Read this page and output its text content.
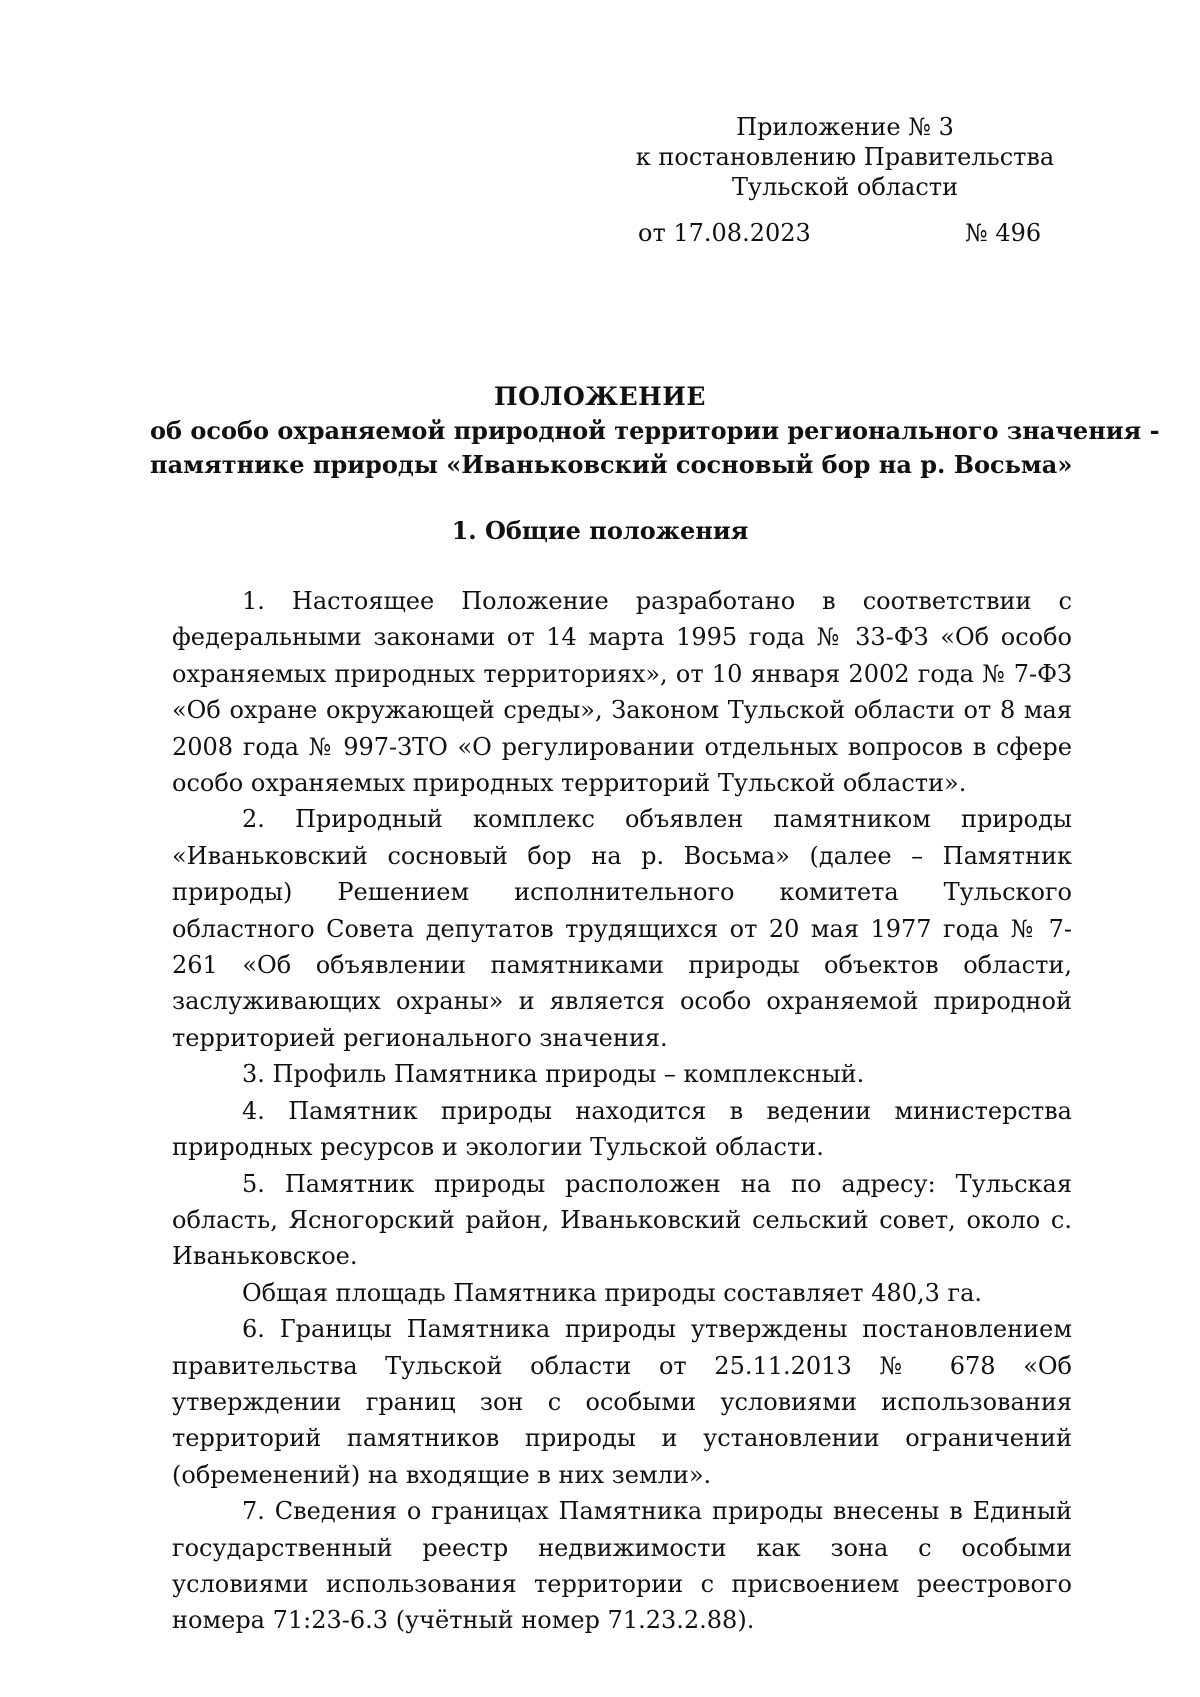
Приложение № 3
к постановлению Правительства
Тульской области
от 17.08.2023	№ 496
ПОЛОЖЕНИЕ
об особо охраняемой природной территории регионального значения -
памятнике природы «Иваньковский сосновый бор на р. Восьма»
1. Общие положения

1. Настоящее Положение разработано в соответствии с федеральными законами от 14 марта 1995 года № 33-ФЗ «Об особо охраняемых природных территориях», от 10 января 2002 года № 7-ФЗ «Об охране окружающей среды», Законом Тульской области от 8 мая 2008 года № 997-ЗТО «О регулировании отдельных вопросов в сфере особо охраняемых природных территорий Тульской области».

2. Природный комплекс объявлен памятником природы «Иваньковский сосновый бор на р. Восьма» (далее – Памятник природы) Решением исполнительного комитета Тульского областного Совета депутатов трудящихся от 20 мая 1977 года № 7-261 «Об объявлении памятниками природы объектов области, заслуживающих охраны» и является особо охраняемой природной территорией регионального значения.

3. Профиль Памятника природы – комплексный.

4. Памятник природы находится в ведении министерства природных ресурсов и экологии Тульской области.

5. Памятник природы расположен на по адресу: Тульская область, Ясногорский район, Иваньковский сельский совет, около с. Иваньковское.

Общая площадь Памятника природы составляет 480,3 га.

6. Границы Памятника природы утверждены постановлением правительства Тульской области от 25.11.2013 № 678 «Об утверждении границ зон с особыми условиями использования территорий памятников природы и установлении ограничений (обременений) на входящие в них земли».

7. Сведения о границах Памятника природы внесены в Единый государственный реестр недвижимости как зона с особыми условиями использования территории с присвоением реестрового номера 71:23-6.3 (учётный номер 71.23.2.88).
